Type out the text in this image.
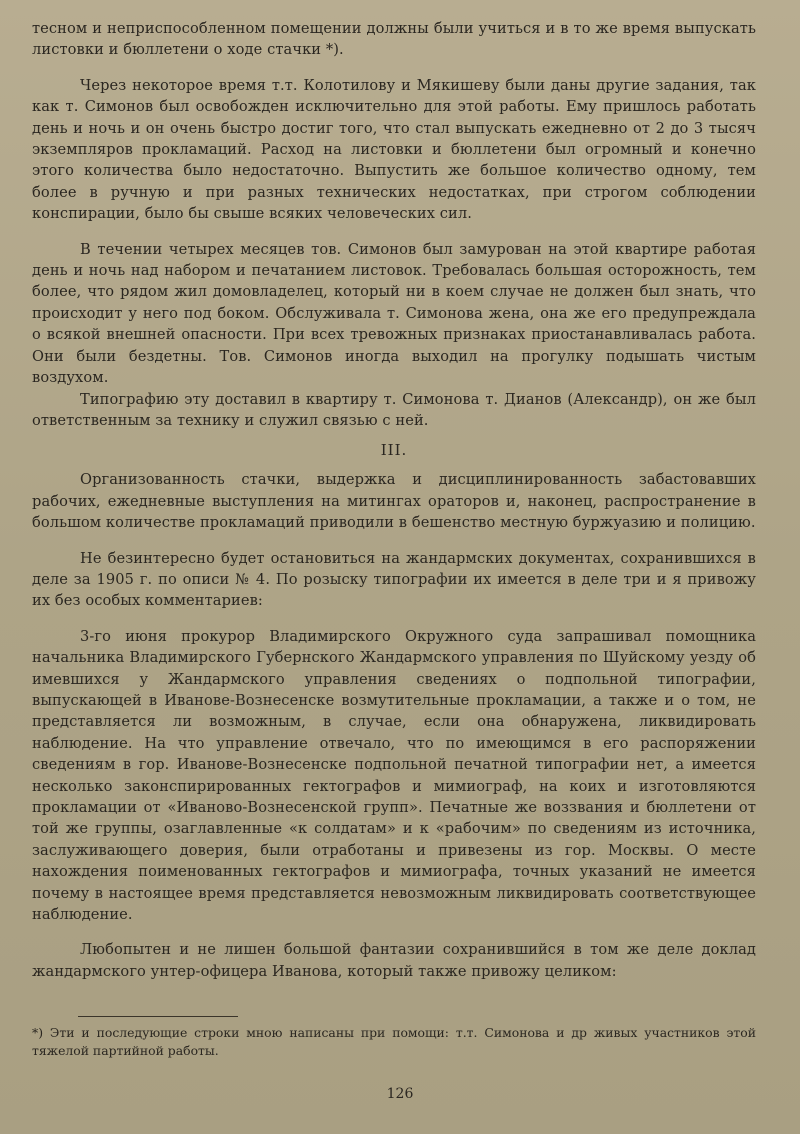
тесном и неприспособленном помещении должны были учиться и в то же время выпускать листовки и бюллетени о ходе стачки *).

Через некоторое время т.т. Колотилову и Мякишеву были даны другие задания, так как т. Симонов был освобожден исключительно для этой работы. Ему пришлось работать день и ночь и он очень быстро достиг того, что стал выпускать ежедневно от 2 до 3 тысяч экземпляров прокламаций. Расход на листовки и бюллетени был огромный и конечно этого количества было недостаточно. Выпустить же большое количество одному, тем более в ручную и при разных технических недостатках, при строгом соблюдении конспирации, было бы свыше всяких человеческих сил.

В течении четырех месяцев тов. Симонов был замурован на этой квартире работая день и ночь над набором и печатанием листовок. Требовалась большая осторожность, тем более, что рядом жил домовладелец, который ни в коем случае не должен был знать, что происходит у него под боком. Обслуживала т. Симонова жена, она же его предупреждала о всякой внешней опасности. При всех тревожных признаках приостанавливалась работа. Они были бездетны. Тов. Симонов иногда выходил на прогулку подышать чистым воздухом.

Типографию эту доставил в квартиру т. Симонова т. Дианов (Александр), он же был ответственным за технику и служил связью с ней.

III.

Организованность стачки, выдержка и дисциплинированность забастовавших рабочих, ежедневные выступления на митингах ораторов и, наконец, распространение в большом количестве прокламаций приводили в бешенство местную буржуазию и полицию.

Не безинтересно будет остановиться на жандармских документах, сохранившихся в деле за 1905 г. по описи № 4. По розыску типографии их имеется в деле три и я привожу их без особых комментариев:

3-го июня прокурор Владимирского Окружного суда запрашивал помощника начальника Владимирского Губернского Жандармского управления по Шуйскому уезду об имевшихся у Жандармского управления сведениях о подпольной типографии, выпускающей в Иванове-Вознесенске возмутительные прокламации, а также и о том, не представляется ли возможным, в случае, если она обнаружена, ликвидировать наблюдение. На что управление отвечало, что по имеющимся в его распоряжении сведениям в гор. Иванове-Вознесенске подпольной печатной типографии нет, а имеется несколько законспирированных гектографов и мимиограф, на коих и изготовляются прокламации от «Иваново-Вознесенской групп». Печатные же воззвания и бюллетени от той же группы, озаглавленные «к солдатам» и к «рабочим» по сведениям из источника, заслуживающего доверия, были отработаны и привезены из гор. Москвы. О месте нахождения поименованных гектографов и мимиографа, точных указаний не имеется почему в настоящее время представляется невозможным ликвидировать соответствующее наблюдение.

Любопытен и не лишен большой фантазии сохранившийся в том же деле доклад жандармского унтер-офицера Иванова, который также привожу целиком:

*) Эти и последующие строки мною написаны при помощи: т.т. Симонова и др живых участников этой тяжелой партийной работы.

126
